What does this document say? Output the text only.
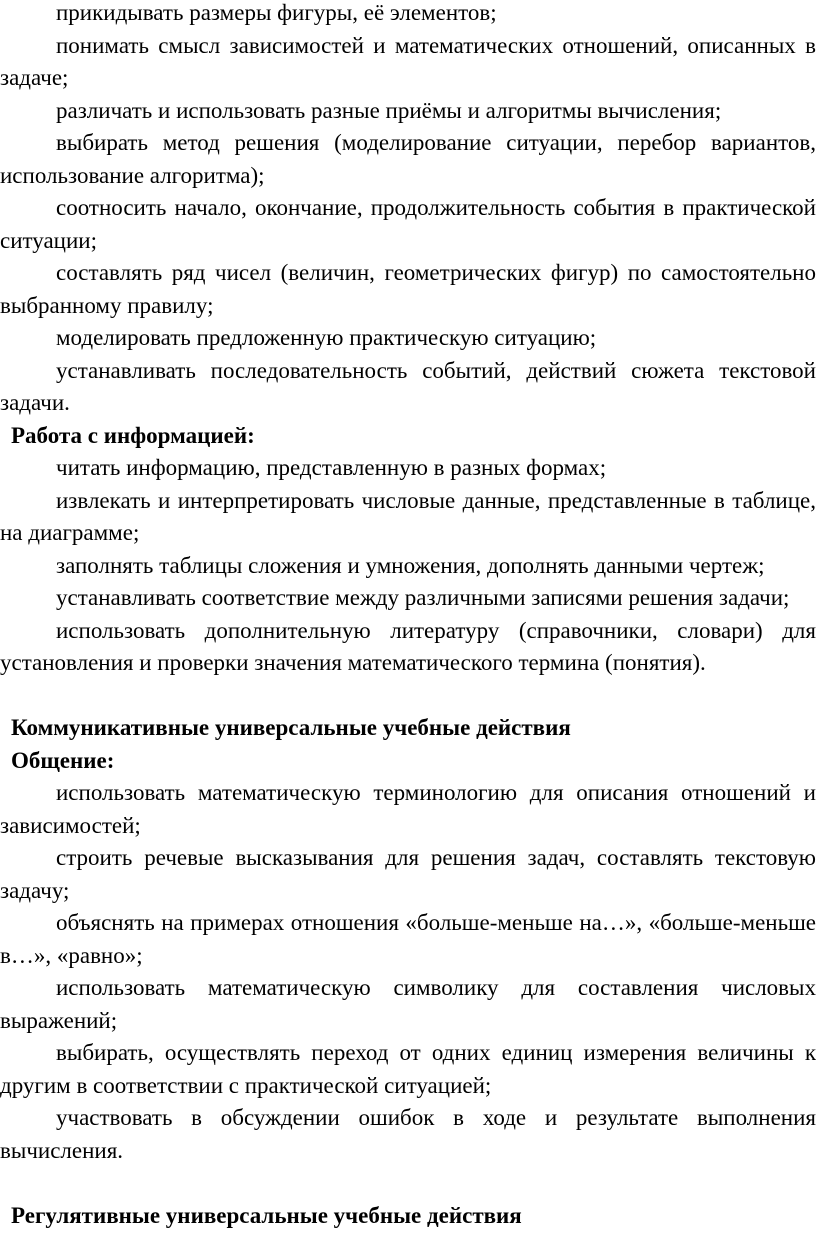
прикидывать размеры фигуры, её элементов;

понимать смысл зависимостей и математических отношений, описанных в задаче;

различать и использовать разные приёмы и алгоритмы вычисления;

выбирать метод решения (моделирование ситуации, перебор вариантов, использование алгоритма);

соотносить начало, окончание, продолжительность события в практической ситуации;

составлять ряд чисел (величин, геометрических фигур) по самостоятельно выбранному правилу;

моделировать предложенную практическую ситуацию;

устанавливать последовательность событий, действий сюжета текстовой задачи.

Работа с информацией:

читать информацию, представленную в разных формах;

извлекать и интерпретировать числовые данные, представленные в таблице, на диаграмме;

заполнять таблицы сложения и умножения, дополнять данными чертеж;

устанавливать соответствие между различными записями решения задачи;

использовать дополнительную литературу (справочники, словари) для установления и проверки значения математического термина (понятия).

Коммуникативные универсальные учебные действия

Общение:

использовать математическую терминологию для описания отношений и зависимостей;

строить речевые высказывания для решения задач, составлять текстовую задачу;

объяснять на примерах отношения «больше-меньше на…», «больше-меньше в…», «равно»;

использовать математическую символику для составления числовых выражений;

выбирать, осуществлять переход от одних единиц измерения величины к другим в соответствии с практической ситуацией;

участвовать в обсуждении ошибок в ходе и результате выполнения вычисления.

Регулятивные универсальные учебные действия
